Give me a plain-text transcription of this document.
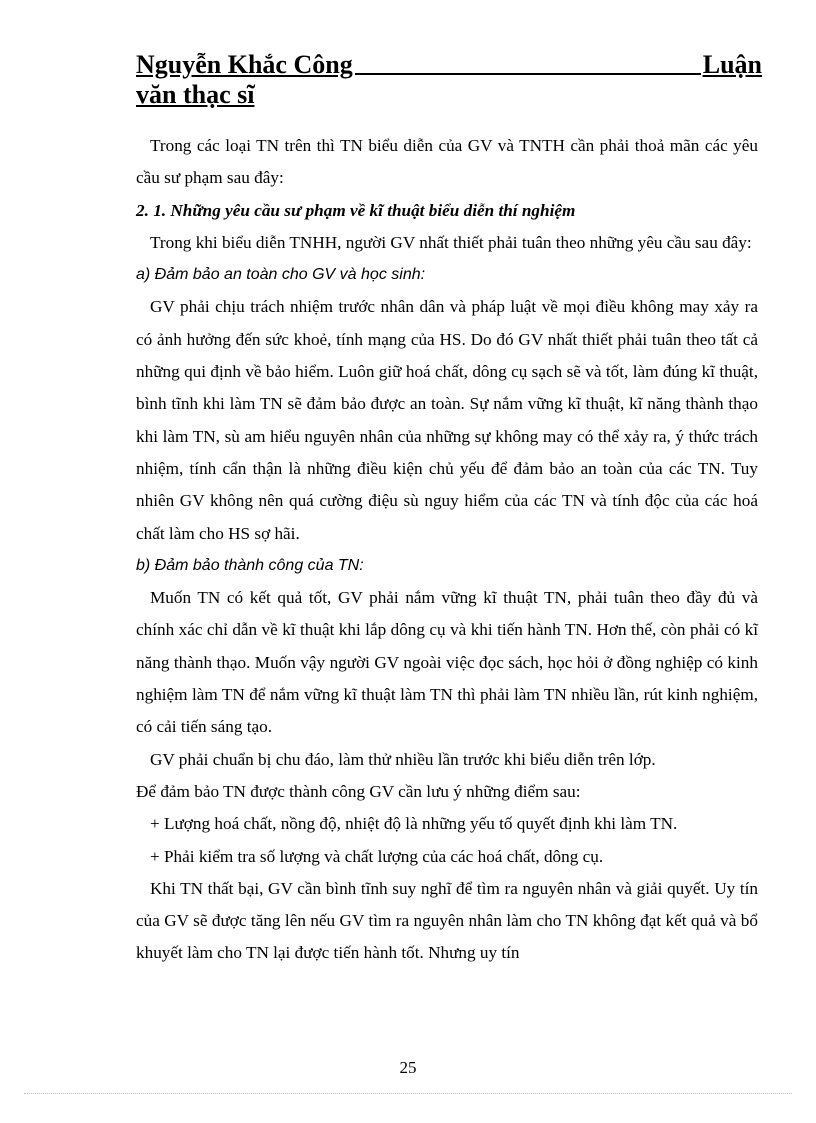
Nguyễn Khắc Công	Luận
văn thạc sĩ

Trong các loại TN trên thì TN biểu diễn của GV và TNTH cần phải thoả mãn các yêu cầu sư phạm sau đây:

2. 1. Những yêu cầu sư phạm về kĩ thuật biểu diễn thí nghiệm

Trong khi biểu diễn TNHH, người GV nhất thiết phải tuân theo những yêu cầu sau đây:

a) Đảm bảo an toàn cho GV và học sinh:

GV phải chịu trách nhiệm trước nhân dân và pháp luật về mọi điều không may xảy ra có ảnh hưởng đến sức khoẻ, tính mạng của HS. Do đó GV nhất thiết phải tuân theo tất cả những qui định về bảo hiểm. Luôn giữ hoá chất, dông cụ sạch sẽ và tốt, làm đúng kĩ thuật, bình tĩnh khi làm TN sẽ đảm bảo được an toàn. Sự nắm vững kĩ thuật, kĩ năng thành thạo khi làm TN, sù am hiểu nguyên nhân của những sự không may có thể xảy ra, ý thức trách nhiệm, tính cẩn thận là những điều kiện chủ yếu để đảm bảo an toàn của các TN. Tuy nhiên GV không nên quá cường điệu sù nguy hiểm của các TN và tính độc của các hoá chất làm cho HS sợ hãi.

b) Đảm bảo thành công của TN:

Muốn TN có kết quả tốt, GV phải nắm vững kĩ thuật TN, phải tuân theo đầy đủ và chính xác chỉ dẫn về kĩ thuật khi lắp dông cụ và khi tiến hành TN. Hơn thế, còn phải có kĩ năng thành thạo. Muốn vậy người GV ngoài việc đọc sách, học hỏi ở đồng nghiệp có kinh nghiệm làm TN để nắm vững kĩ thuật làm TN thì phải làm TN nhiều lần, rút kinh nghiệm, có cải tiến sáng tạo.

GV phải chuẩn bị chu đáo, làm thử nhiều lần trước khi biểu diễn trên lớp.

Để đảm bảo TN được thành công GV cần lưu ý những điểm sau:

+ Lượng hoá chất, nồng độ, nhiệt độ là những yếu tố quyết định khi làm TN.

+ Phải kiểm tra số lượng và chất lượng của các hoá chất, dông cụ.

Khi TN thất bại, GV cần bình tĩnh suy nghĩ để tìm ra nguyên nhân và giải quyết. Uy tín của GV sẽ được tăng lên nếu GV tìm ra nguyên nhân làm cho TN không đạt kết quả và bổ khuyết làm cho TN lại được tiến hành tốt. Nhưng uy tín

25
